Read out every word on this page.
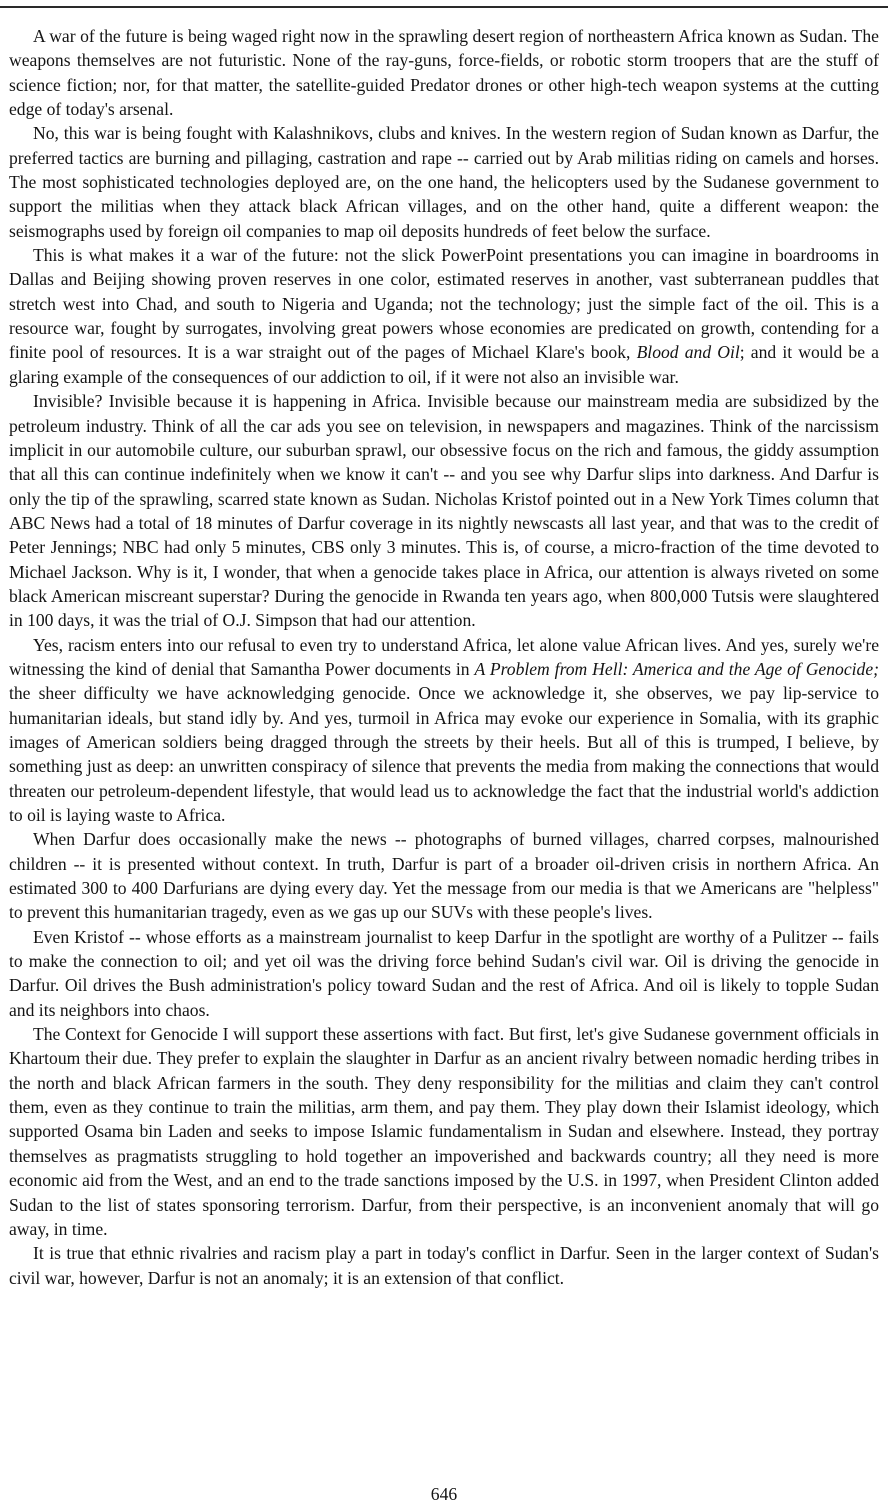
A war of the future is being waged right now in the sprawling desert region of northeastern Africa known as Sudan. The weapons themselves are not futuristic. None of the ray-guns, force-fields, or robotic storm troopers that are the stuff of science fiction; nor, for that matter, the satellite-guided Predator drones or other high-tech weapon systems at the cutting edge of today's arsenal.

No, this war is being fought with Kalashnikovs, clubs and knives. In the western region of Sudan known as Darfur, the preferred tactics are burning and pillaging, castration and rape -- carried out by Arab militias riding on camels and horses. The most sophisticated technologies deployed are, on the one hand, the helicopters used by the Sudanese government to support the militias when they attack black African villages, and on the other hand, quite a different weapon: the seismographs used by foreign oil companies to map oil deposits hundreds of feet below the surface.

This is what makes it a war of the future: not the slick PowerPoint presentations you can imagine in boardrooms in Dallas and Beijing showing proven reserves in one color, estimated reserves in another, vast subterranean puddles that stretch west into Chad, and south to Nigeria and Uganda; not the technology; just the simple fact of the oil. This is a resource war, fought by surrogates, involving great powers whose economies are predicated on growth, contending for a finite pool of resources. It is a war straight out of the pages of Michael Klare's book, Blood and Oil; and it would be a glaring example of the consequences of our addiction to oil, if it were not also an invisible war.

Invisible? Invisible because it is happening in Africa. Invisible because our mainstream media are subsidized by the petroleum industry. Think of all the car ads you see on television, in newspapers and magazines. Think of the narcissism implicit in our automobile culture, our suburban sprawl, our obsessive focus on the rich and famous, the giddy assumption that all this can continue indefinitely when we know it can't -- and you see why Darfur slips into darkness. And Darfur is only the tip of the sprawling, scarred state known as Sudan. Nicholas Kristof pointed out in a New York Times column that ABC News had a total of 18 minutes of Darfur coverage in its nightly newscasts all last year, and that was to the credit of Peter Jennings; NBC had only 5 minutes, CBS only 3 minutes. This is, of course, a micro-fraction of the time devoted to Michael Jackson. Why is it, I wonder, that when a genocide takes place in Africa, our attention is always riveted on some black American miscreant superstar? During the genocide in Rwanda ten years ago, when 800,000 Tutsis were slaughtered in 100 days, it was the trial of O.J. Simpson that had our attention.

Yes, racism enters into our refusal to even try to understand Africa, let alone value African lives. And yes, surely we're witnessing the kind of denial that Samantha Power documents in A Problem from Hell: America and the Age of Genocide; the sheer difficulty we have acknowledging genocide. Once we acknowledge it, she observes, we pay lip-service to humanitarian ideals, but stand idly by. And yes, turmoil in Africa may evoke our experience in Somalia, with its graphic images of American soldiers being dragged through the streets by their heels. But all of this is trumped, I believe, by something just as deep: an unwritten conspiracy of silence that prevents the media from making the connections that would threaten our petroleum-dependent lifestyle, that would lead us to acknowledge the fact that the industrial world's addiction to oil is laying waste to Africa.

When Darfur does occasionally make the news -- photographs of burned villages, charred corpses, malnourished children -- it is presented without context. In truth, Darfur is part of a broader oil-driven crisis in northern Africa. An estimated 300 to 400 Darfurians are dying every day. Yet the message from our media is that we Americans are "helpless" to prevent this humanitarian tragedy, even as we gas up our SUVs with these people's lives.

Even Kristof -- whose efforts as a mainstream journalist to keep Darfur in the spotlight are worthy of a Pulitzer -- fails to make the connection to oil; and yet oil was the driving force behind Sudan's civil war. Oil is driving the genocide in Darfur. Oil drives the Bush administration's policy toward Sudan and the rest of Africa. And oil is likely to topple Sudan and its neighbors into chaos.

The Context for Genocide I will support these assertions with fact. But first, let's give Sudanese government officials in Khartoum their due. They prefer to explain the slaughter in Darfur as an ancient rivalry between nomadic herding tribes in the north and black African farmers in the south. They deny responsibility for the militias and claim they can't control them, even as they continue to train the militias, arm them, and pay them. They play down their Islamist ideology, which supported Osama bin Laden and seeks to impose Islamic fundamentalism in Sudan and elsewhere. Instead, they portray themselves as pragmatists struggling to hold together an impoverished and backwards country; all they need is more economic aid from the West, and an end to the trade sanctions imposed by the U.S. in 1997, when President Clinton added Sudan to the list of states sponsoring terrorism. Darfur, from their perspective, is an inconvenient anomaly that will go away, in time.

It is true that ethnic rivalries and racism play a part in today's conflict in Darfur. Seen in the larger context of Sudan's civil war, however, Darfur is not an anomaly; it is an extension of that conflict.

646
